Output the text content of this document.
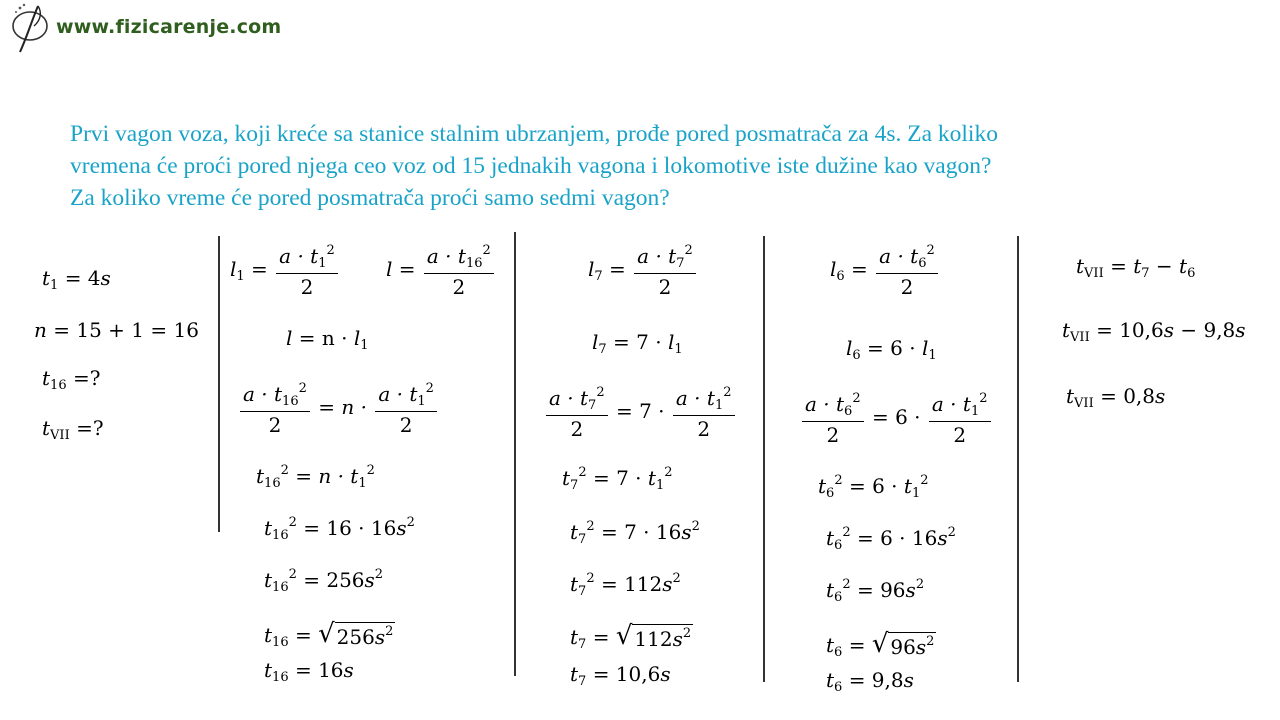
www.fizicarenje.com
Prvi vagon voza, koji kreće sa stanice stalnim ubrzanjem, prođe pored posmatrača za 4s. Za koliko
vremena će proći pored njega ceo voz od 15 jednakih vagona i lokomotive iste dužine kao vagon?
Za koliko vreme će pored posmatrača proći samo sedmi vagon?
$t_1 = 4s$
n = 15 + 1 = 16
$t_{16}$ =?
$t_{VII}$ =?
$l_1 = \frac{a \cdot t_1^2}{2}$ $l = \frac{a \cdot t_{16}^2}{2}$
$l = n \cdot l_1$
$\frac{a \cdot t_{16}^2}{2} = n \cdot \frac{a \cdot t_1^2}{2}$
$t_{16}^2 = n \cdot t_1^2$
$t_{16}^2 = 16 \cdot 16s^2$
$t_{16}^2 = 256s^2$
$t_{16}$ = √ $256s^2$
$t_{16} = 16s$
$l_7 = \frac{a \cdot t_7^2}{2}$
$l_7 = 7 \cdot l_1$
$\frac{a \cdot t_7^2}{2} = 7 \cdot \frac{a \cdot t_1^2}{2}$
$t_7^2 = 7 \cdot t_1^2$
$t_7^2 = 7 \cdot 16s^2$
$t_7^2 = 112s^2$
$t_7$ = √ $112s^2$
$t_7 = 10,6s$
$l_6 = \frac{a \cdot t_6^2}{2}$
$l_6 = 6 \cdot l_1$
$\frac{a \cdot t_6^2}{2} = 6 \cdot \frac{a \cdot t_1^2}{2}$
$t_6^2 = 6 \cdot t_1^2$
$t_6^2 = 6 \cdot 16s^2$
$t_6^2 = 96s^2$
$t_6$ = √ $96s^2$
$t_6 = 9,8s$
$t_{VII} = t_7 - t_6$
$t_{VII} = 10,6s - 9,8s$
$t_{VII} = 0,8s$
